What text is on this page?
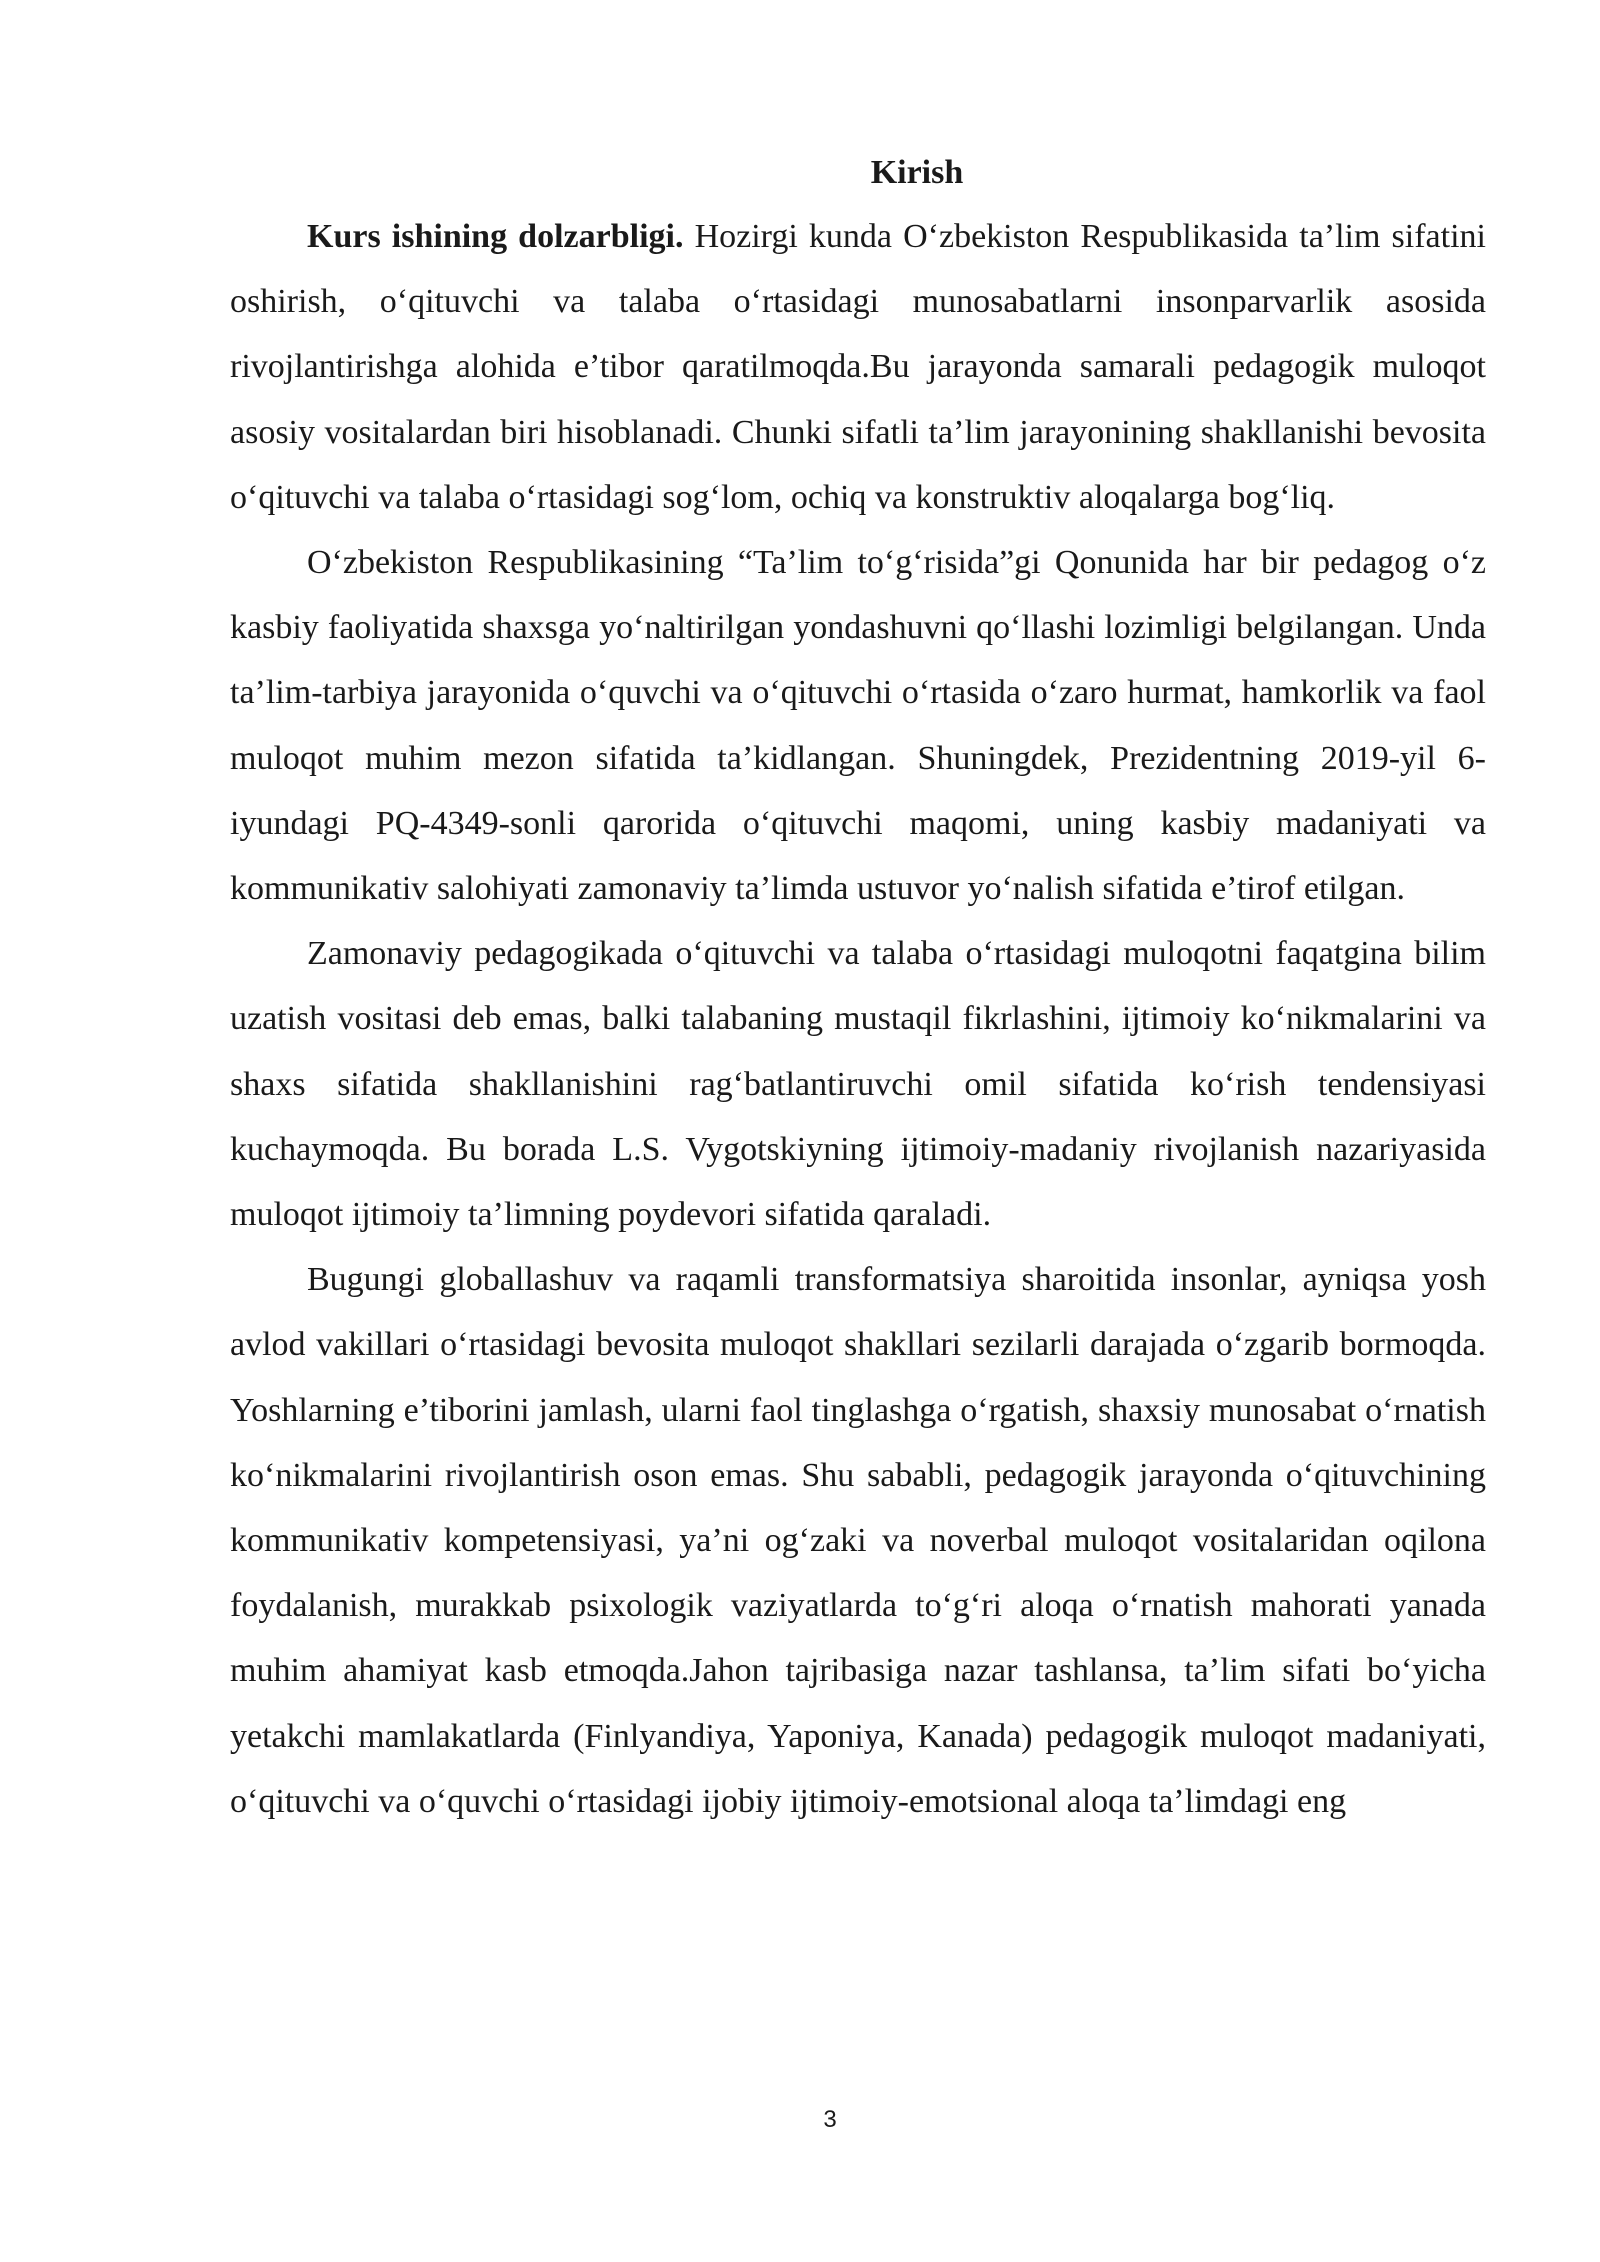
Kirish

Kurs ishining dolzarbligi. Hozirgi kunda O‘zbekiston Respublikasida ta’lim sifatini oshirish, o‘qituvchi va talaba o‘rtasidagi munosabatlarni insonparvarlik asosida rivojlantirishga alohida e’tibor qaratilmoqda.Bu jarayonda samarali pedagogik muloqot asosiy vositalardan biri hisoblanadi. Chunki sifatli ta’lim jarayonining shakllanishi bevosita o‘qituvchi va talaba o‘rtasidagi sog‘lom, ochiq va konstruktiv aloqalarga bog‘liq.

O‘zbekiston Respublikasining “Ta’lim to‘g‘risida”gi Qonunida har bir pedagog o‘z kasbiy faoliyatida shaxsga yo‘naltirilgan yondashuvni qo‘llashi lozimligi belgilangan. Unda ta’lim-tarbiya jarayonida o‘quvchi va o‘qituvchi o‘rtasida o‘zaro hurmat, hamkorlik va faol muloqot muhim mezon sifatida ta’kidlangan. Shuningdek, Prezidentning 2019-yil 6-iyundagi PQ-4349-sonli qarorida o‘qituvchi maqomi, uning kasbiy madaniyati va kommunikativ salohiyati zamonaviy ta’limda ustuvor yo‘nalish sifatida e’tirof etilgan.

Zamonaviy pedagogikada o‘qituvchi va talaba o‘rtasidagi muloqotni faqatgina bilim uzatish vositasi deb emas, balki talabaning mustaqil fikrlashini, ijtimoiy ko‘nikmalarini va shaxs sifatida shakllanishini rag‘batlantiruvchi omil sifatida ko‘rish tendensiyasi kuchaymoqda. Bu borada L.S. Vygotskiyning ijtimoiy-madaniy rivojlanish nazariyasida muloqot ijtimoiy ta’limning poydevori sifatida qaraladi.

Bugungi globallashuv va raqamli transformatsiya sharoitida insonlar, ayniqsa yosh avlod vakillari o‘rtasidagi bevosita muloqot shakllari sezilarli darajada o‘zgarib bormoqda. Yoshlarning e’tiborini jamlash, ularni faol tinglashga o‘rgatish, shaxsiy munosabat o‘rnatish ko‘nikmalarini rivojlantirish oson emas. Shu sababli, pedagogik jarayonda o‘qituvchining kommunikativ kompetensiyasi, ya’ni og‘zaki va noverbal muloqot vositalaridan oqilona foydalanish, murakkab psixologik vaziyatlarda to‘g‘ri aloqa o‘rnatish mahorati yanada muhim ahamiyat kasb etmoqda.Jahon tajribasiga nazar tashlansa, ta’lim sifati bo‘yicha yetakchi mamlakatlarda (Finlyandiya, Yaponiya, Kanada) pedagogik muloqot madaniyati, o‘qituvchi va o‘quvchi o‘rtasidagi ijobiy ijtimoiy-emotsional aloqa ta’limdagi eng

3
